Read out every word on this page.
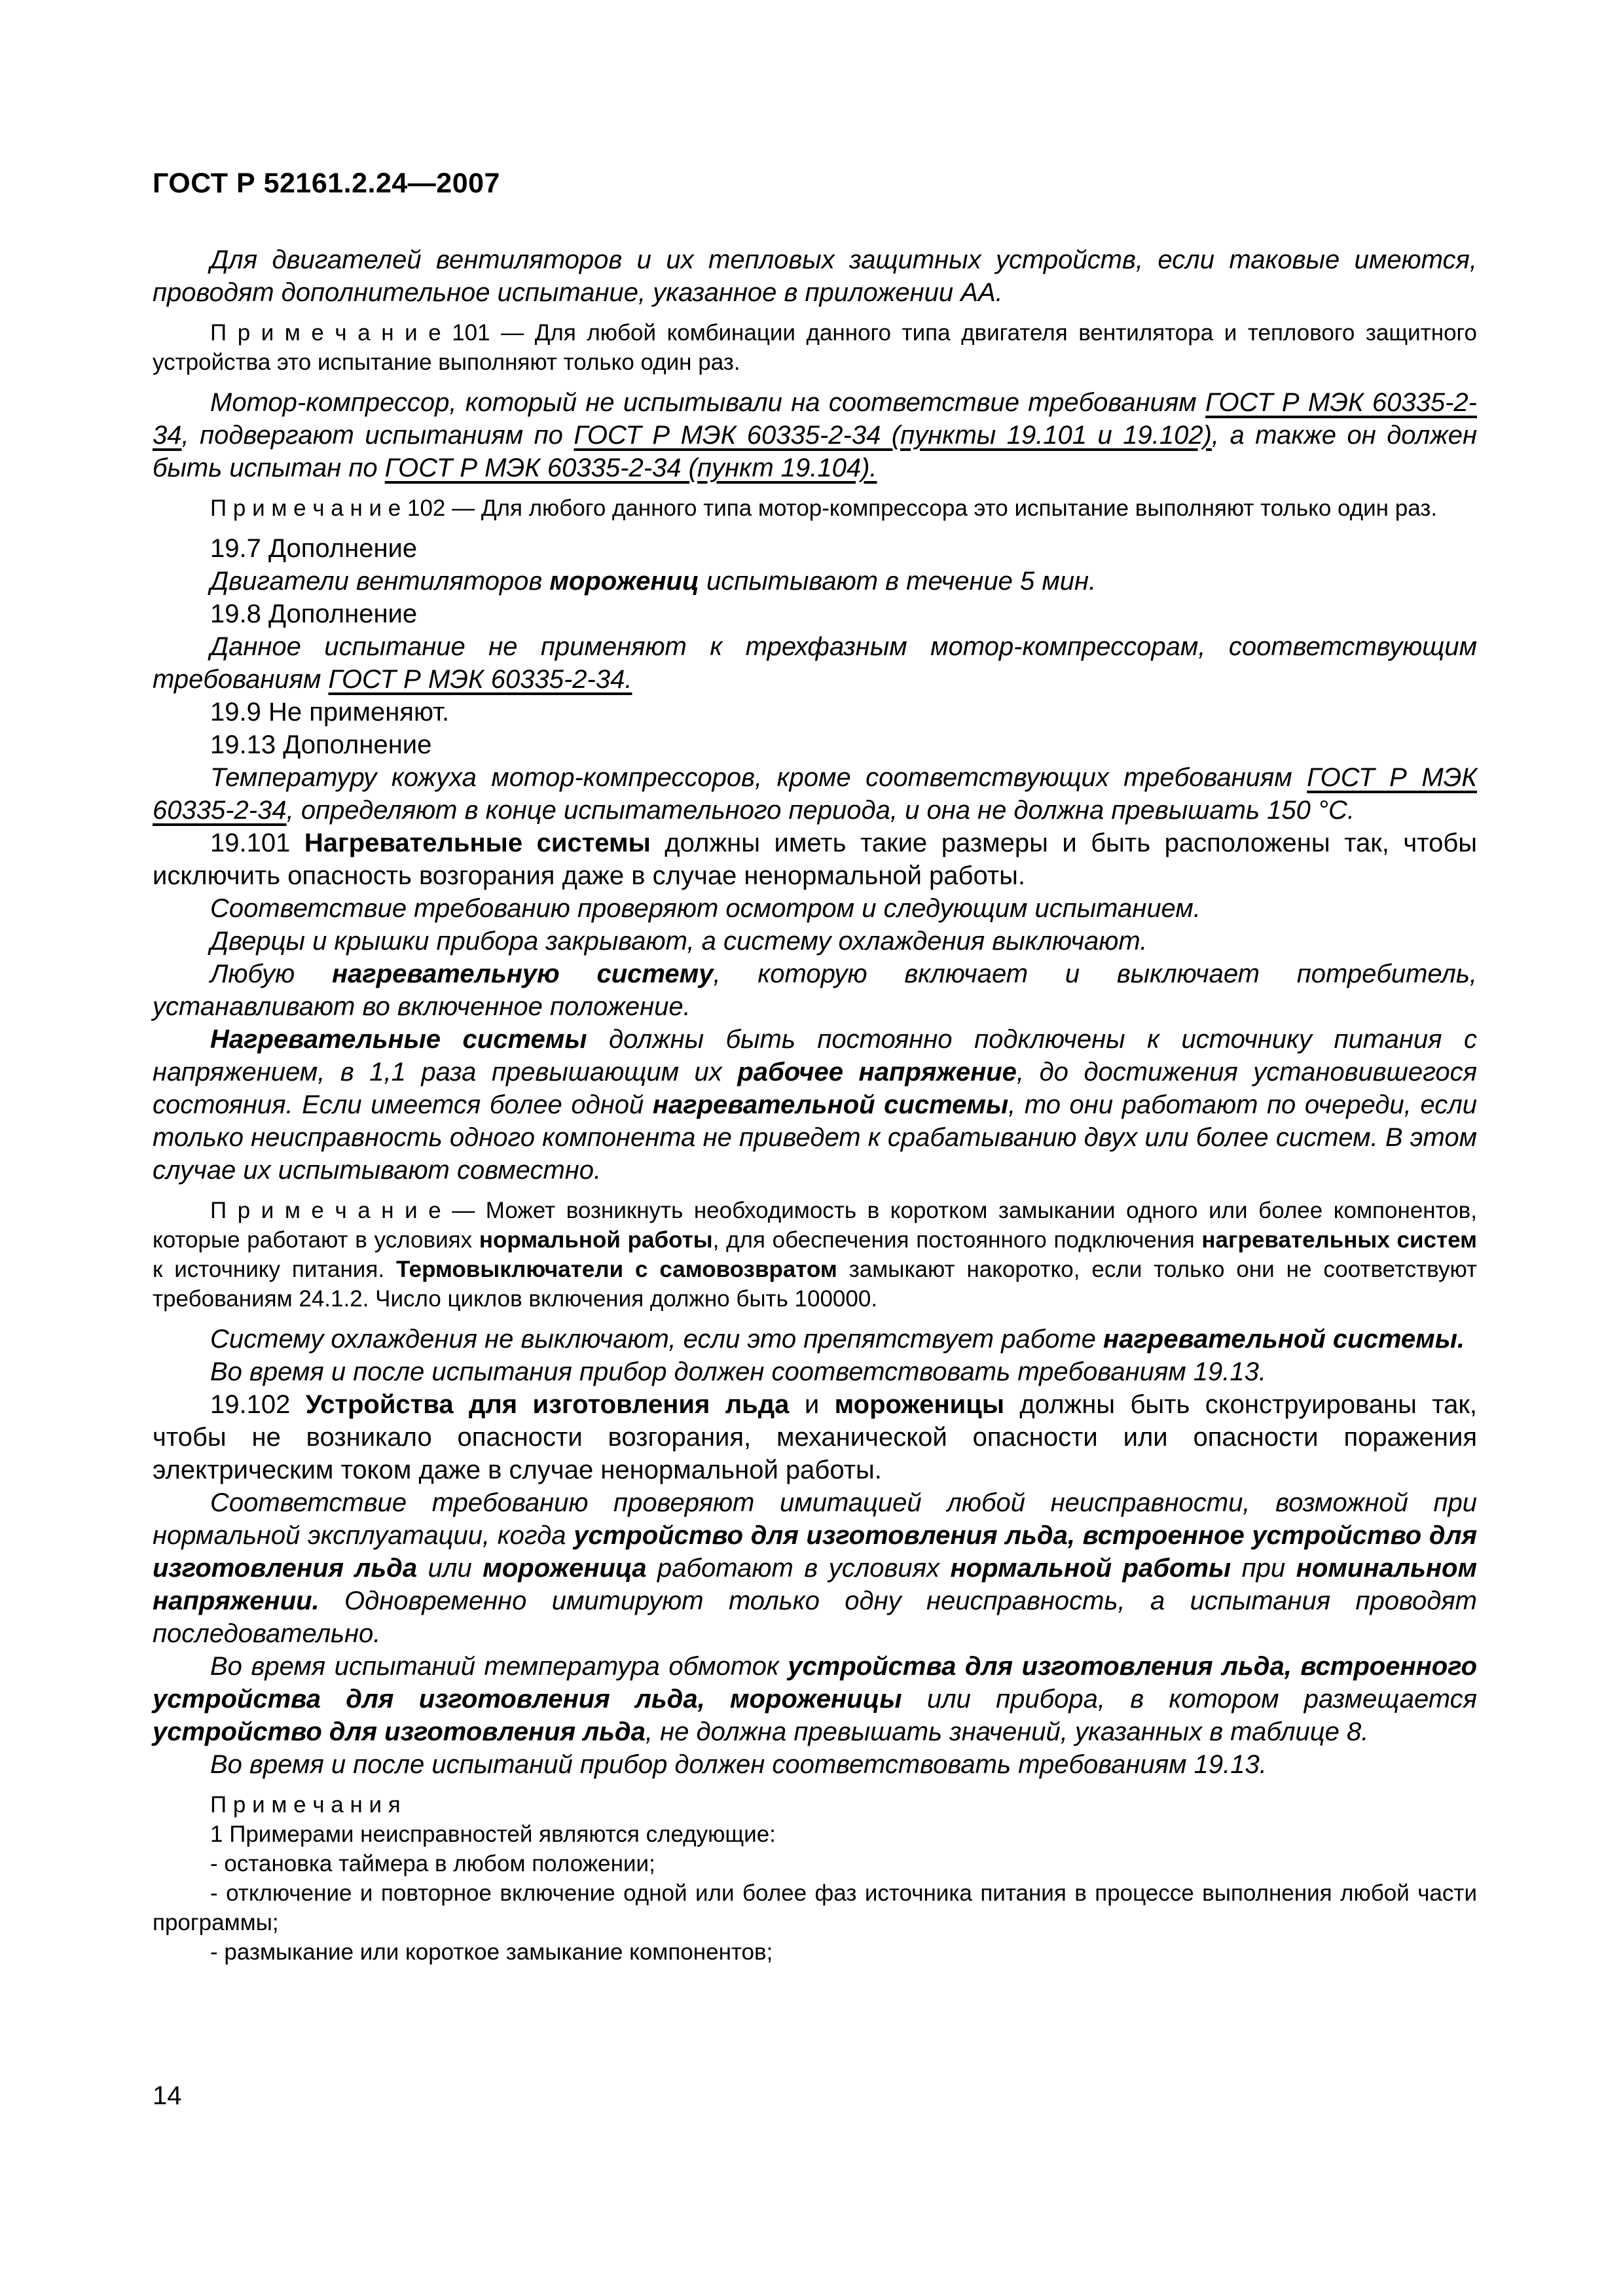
ГОСТ Р 52161.2.24—2007

Для двигателей вентиляторов и их тепловых защитных устройств, если таковые имеются, проводят дополнительное испытание, указанное в приложении АА.

П р и м е ч а н и е 101 — Для любой комбинации данного типа двигателя вентилятора и теплового защитного устройства это испытание выполняют только один раз.

Мотор-компрессор, который не испытывали на соответствие требованиям ГОСТ Р МЭК 60335-2-34, подвергают испытаниям по ГОСТ Р МЭК 60335-2-34 (пункты 19.101 и 19.102), а также он должен быть испытан по ГОСТ Р МЭК 60335-2-34 (пункт 19.104).

П р и м е ч а н и е 102 — Для любого данного типа мотор-компрессора это испытание выполняют только один раз.

19.7 Дополнение

Двигатели вентиляторов морожениц испытывают в течение 5 мин.

19.8 Дополнение

Данное испытание не применяют к трехфазным мотор-компрессорам, соответствующим требованиям ГОСТ Р МЭК 60335-2-34.

19.9 Не применяют.

19.13 Дополнение

Температуру кожуха мотор-компрессоров, кроме соответствующих требованиям ГОСТ Р МЭК 60335-2-34, определяют в конце испытательного периода, и она не должна превышать 150 °С.

19.101 Нагревательные системы должны иметь такие размеры и быть расположены так, чтобы исключить опасность возгорания даже в случае ненормальной работы.

Соответствие требованию проверяют осмотром и следующим испытанием.

Дверцы и крышки прибора закрывают, а систему охлаждения выключают.

Любую нагревательную систему, которую включает и выключает потребитель, устанавливают во включенное положение.

Нагревательные системы должны быть постоянно подключены к источнику питания с напряжением, в 1,1 раза превышающим их рабочее напряжение, до достижения установившегося состояния. Если имеется более одной нагревательной системы, то они работают по очереди, если только неисправность одного компонента не приведет к срабатыванию двух или более систем. В этом случае их испытывают совместно.

П р и м е ч а н и е — Может возникнуть необходимость в коротком замыкании одного или более компонентов, которые работают в условиях нормальной работы, для обеспечения постоянного подключения нагревательных систем к источнику питания. Термовыключатели с самовозвратом замыкают накоротко, если только они не соответствуют требованиям 24.1.2. Число циклов включения должно быть 100000.

Систему охлаждения не выключают, если это препятствует работе нагревательной системы.

Во время и после испытания прибор должен соответствовать требованиям 19.13.

19.102 Устройства для изготовления льда и мороженицы должны быть сконструированы так, чтобы не возникало опасности возгорания, механической опасности или опасности поражения электрическим током даже в случае ненормальной работы.

Соответствие требованию проверяют имитацией любой неисправности, возможной при нормальной эксплуатации, когда устройство для изготовления льда, встроенное устройство для изготовления льда или мороженица работают в условиях нормальной работы при номинальном напряжении. Одновременно имитируют только одну неисправность, а испытания проводят последовательно.

Во время испытаний температура обмоток устройства для изготовления льда, встроенного устройства для изготовления льда, мороженицы или прибора, в котором размещается устройство для изготовления льда, не должна превышать значений, указанных в таблице 8.

Во время и после испытаний прибор должен соответствовать требованиям 19.13.

П р и м е ч а н и я

1 Примерами неисправностей являются следующие:

- остановка таймера в любом положении;

- отключение и повторное включение одной или более фаз источника питания в процессе выполнения любой части программы;

- размыкание или короткое замыкание компонентов;

14
